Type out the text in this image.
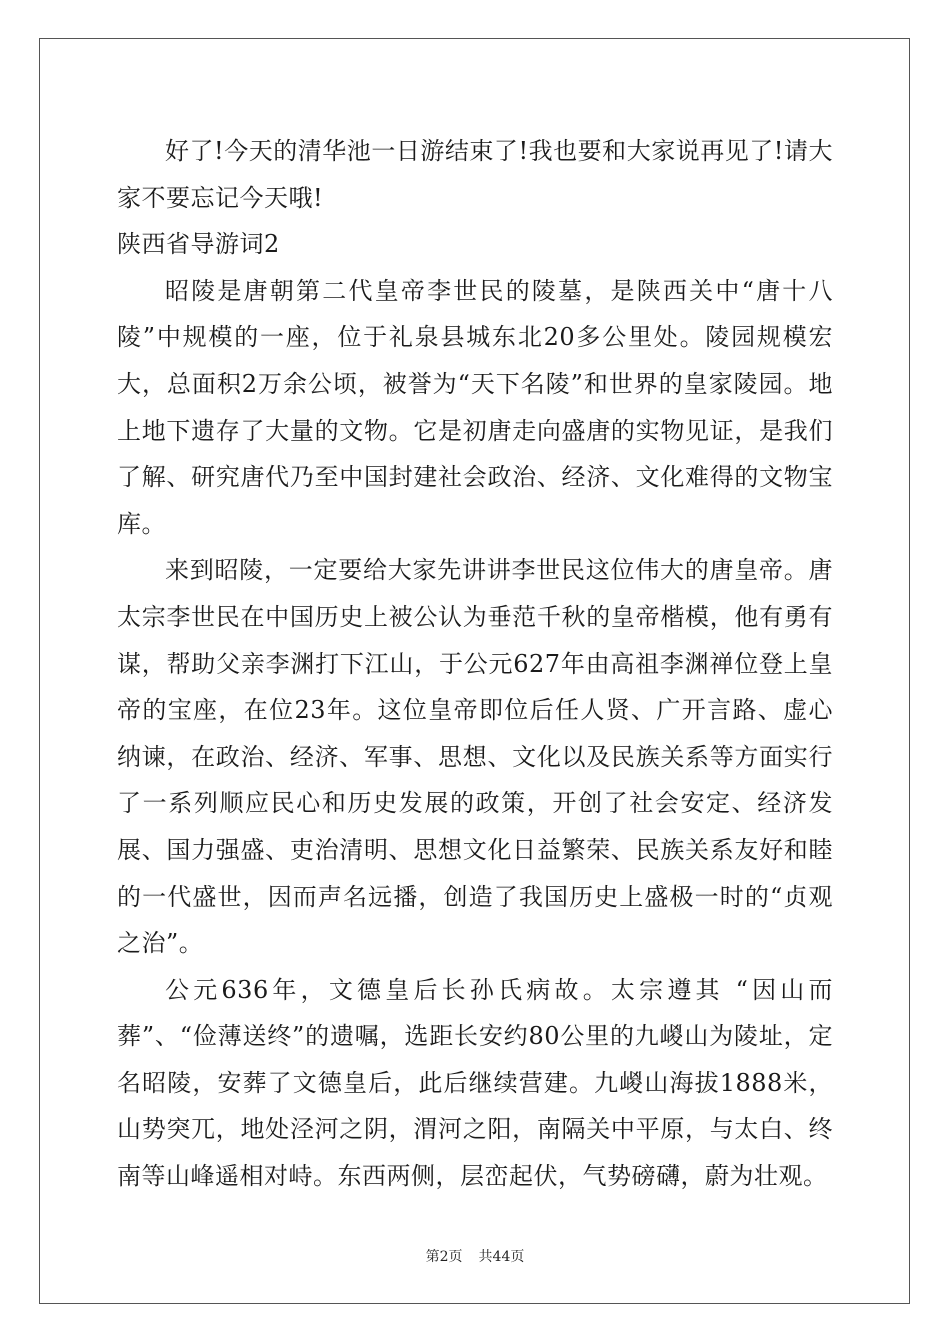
好了!今天的清华池一日游结束了!我也要和大家说再见了!请大家不要忘记今天哦!

陕西省导游词2

昭陵是唐朝第二代皇帝李世民的陵墓，是陕西关中“唐十八陵”中规模的一座，位于礼泉县城东北20多公里处。陵园规模宏大，总面积2万余公顷，被誉为“天下名陵”和世界的皇家陵园。地上地下遗存了大量的文物。它是初唐走向盛唐的实物见证，是我们了解、研究唐代乃至中国封建社会政治、经济、文化难得的文物宝库。

来到昭陵，一定要给大家先讲讲李世民这位伟大的唐皇帝。唐太宗李世民在中国历史上被公认为垂范千秋的皇帝楷模，他有勇有谋，帮助父亲李渊打下江山，于公元627年由高祖李渊禅位登上皇帝的宝座，在位23年。这位皇帝即位后任人贤、广开言路、虚心纳谏，在政治、经济、军事、思想、文化以及民族关系等方面实行了一系列顺应民心和历史发展的政策，开创了社会安定、经济发展、国力强盛、吏治清明、思想文化日益繁荣、民族关系友好和睦的一代盛世，因而声名远播，创造了我国历史上盛极一时的“贞观之治”。

公元636年，文德皇后长孙氏病故。太宗遵其 “因山而葬”、“俭薄送终”的遗嘱，选距长安约80公里的九嵕山为陵址，定名昭陵，安葬了文德皇后，此后继续营建。九嵕山海拔1888米，山势突兀，地处泾河之阴，渭河之阳，南隔关中平原，与太白、终南等山峰遥相对峙。东西两侧，层峦起伏，气势磅礴，蔚为壮观。

第2页 共44页
